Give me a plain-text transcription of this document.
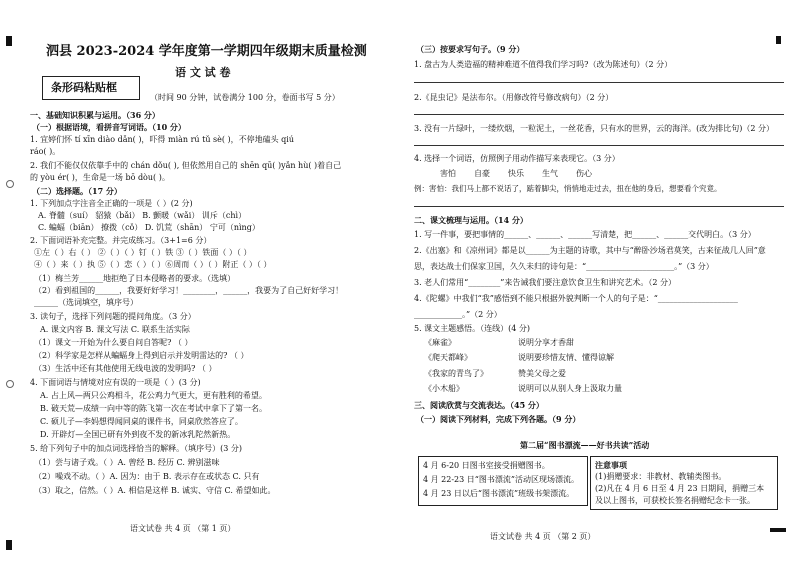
泗县 2023-2024 学年度第一学期四年级期末质量检测
语 文 试 卷
条形码粘贴框
（时间 90 分钟，试卷满分 100 分，卷面书写 5 分）
一、基础知识积累与运用。（36 分）
（一）根据语境，看拼音写词语。（10 分）
1. 宜婷们怀 tí xīn diào dǎn( )，吓得 miàn rú tǔ sè( )，不停地磕头 qiú
ráo( )。
2. 我们不能仅仅依靠手中的 chán dǒu( ), 但依然用自己的 shēn qū( )yǎn hù( )着自己
的 yòu ér( )，生命是一场 bō dòu( )。
（二）选择题。（17 分）
1. 下列加点字注音全正确的一项是（ ）(2 分)
A. 脊髓（suí） 貂猿（bǎi） B. 颤暖（wǎi） 训斥（chì）
C. 蝙蝠（biān） 撩拨（cǒ） D. 饥荒（shān） 宁可（nìng）
2. 下面词语补充完整。并完成练习。（3+1=6 分）
①左（ ）右（ ） ②（ ）（ ）钉（ ）铁 ③（ ）铁面（ ）（ ）
④（ ）来（ ）执 ⑤（ ）恋（ ）（ ）⑥周而（ ）（ ）附正（ ）（ ）
（1）梅兰芳______地拒绝了日本侵略者的要求。（选填）
（2）看到祖国的______，我要好好学习！________，______，我要为了自己好好学习！
______（选词填空，填序号）
3. 读句子，选择下列问题的提问角度。（3 分）
A. 课文内容 B. 课文写法 C. 联系生活实际
（1）课文一开始为什么要自问自答呢? （ ）
（2）科学家是怎样从蝙蝠身上得到启示并发明雷达的? （ ）
（3）生活中还有其他使用无线电波的发明吗? （ ）
4. 下面词语与情境对应有误的一项是（ ）(3 分)
A. 占上风—两只公鸡相斗，花公鸡力气更大，更有胜利的希望。
B. 破天荒—成绩一向中等的陈飞第一次在考试中拿下了第一名。
C. 硕儿子—李妈想得闻同桌的课件书，同桌欣然答应了。
D. 开辟灯—全国已研有外到夜不发的新冰乳陀然新热。
5. 给下列句子中的加点词选择恰当的解释。（填序号）(3 分)
（1）尝与诸子戏。（ ）A. 曾经 B. 经历 C. 辨别滋味
（2）噪戏不动。（ ）A. 因为：由于 B. 表示存在或状态 C. 只有
（3）取之，信然。（ ）A. 相信是这样 B. 诚实、守信 C. 希望如此。
语文试卷 共 4 页 （第 1 页）
（三）按要求写句子。（9 分）
1. 盘古为人类造福的精神难道不值得我们学习吗?（改为陈述句）（2 分）
2.《昆虫记》是法布尔。（用修改符号修改病句）（2 分）
3. 没有一片绿叶，一缕炊烟，一粒泥土，一丝花香，只有水的世界，云的海洋。(改为排比句)（2 分）
4. 选择一个词语，仿照例子用动作描写来表现它。（3 分）
害怕 自豪 快乐 生气 伤心
例：害怕：我们马上都不说话了，踮着脚尖，悄悄地走过去，扭在他的身后，想要看个究竟。
二、课文梳理与运用。（14 分）
1. 写一件事，要把事情的______、______、______写清楚，把______、______交代明白。（3 分）
2.《出塞》和《凉州词》都是以______为主题的诗歌，其中与“醉卧沙场君莫笑，古来征战几人回”意
思，表达战士们保家卫国，久久未归的诗句是：“______________________。”（3 分）
3. 老人们常用“________”来告诫我们要注意饮食卫生和讲究艺术。（2 分）
4.《陀螺》中我们“我”感悟到不能只根据外貌判断一个人的句子是：“____________________
____________。”（2 分）
5. 课文主题感悟。（连线）(4 分)
《麻雀》
《爬天都峰》
《我家的青鸟了》
《小木船》
说明分享才香甜
说明要珍惜友情、懂得谅解
赞美父母之爱
说明可以从别人身上汲取力量
三、阅读欣赏与交流表达。（45 分）
（一）阅读下列材料，完成下列各题。（9 分）
第二届“图书漂流——好书共读”活动
4 月 6-20 日图书室接受捐赠图书。
4 月 22-23 日“图书漂流”活动区现场漂流。
4 月 23 日以后“图书漂流”班级书架漂流。
注意事项
(1)捐赠要求：非教材、教辅类图书。
(2)凡在 4 月 6 日至 4 月 23 日期间，捐赠三本
及以上图书，可获校长签名捐赠纪念卡一张。
语文试卷 共 4 页 （第 2 页）
